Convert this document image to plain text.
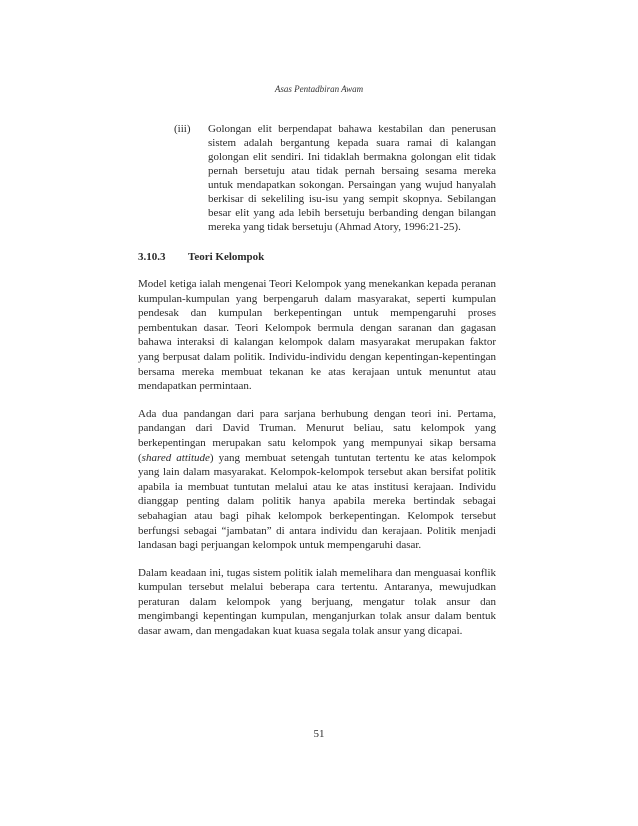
Asas Pentadbiran Awam
(iii)	Golongan elit berpendapat bahawa kestabilan dan penerusan sistem adalah bergantung kepada suara ramai di kalangan golongan elit sendiri. Ini tidaklah bermakna golongan elit tidak pernah bersetuju atau tidak pernah bersaing sesama mereka untuk mendapatkan sokongan. Persaingan yang wujud hanyalah berkisar di sekeliling isu-isu yang sempit skopnya. Sebilangan besar elit yang ada lebih bersetuju berbanding dengan bilangan mereka yang tidak bersetuju (Ahmad Atory, 1996:21-25).
3.10.3 Teori Kelompok

Model ketiga ialah mengenai Teori Kelompok yang menekankan kepada peranan kumpulan-kumpulan yang berpengaruh dalam masyarakat, seperti kumpulan pendesak dan kumpulan berkepentingan untuk mempengaruhi proses pembentukan dasar. Teori Kelompok bermula dengan saranan dan gagasan bahawa interaksi di kalangan kelompok dalam masyarakat merupakan faktor yang berpusat dalam politik. Individu-individu dengan kepentingan-kepentingan bersama mereka membuat tekanan ke atas kerajaan untuk menuntut atau mendapatkan permintaan.

Ada dua pandangan dari para sarjana berhubung dengan teori ini. Pertama, pandangan dari David Truman. Menurut beliau, satu kelompok yang berkepentingan merupakan satu kelompok yang mempunyai sikap bersama (shared attitude) yang membuat setengah tuntutan tertentu ke atas kelompok yang lain dalam masyarakat. Kelompok-kelompok tersebut akan bersifat politik apabila ia membuat tuntutan melalui atau ke atas institusi kerajaan. Individu dianggap penting dalam politik hanya apabila mereka bertindak sebagai sebahagian atau bagi pihak kelompok berkepentingan. Kelompok tersebut berfungsi sebagai “jambatan” di antara individu dan kerajaan. Politik menjadi landasan bagi perjuangan kelompok untuk mempengaruhi dasar.

Dalam keadaan ini, tugas sistem politik ialah memelihara dan menguasai konflik kumpulan tersebut melalui beberapa cara tertentu. Antaranya, mewujudkan peraturan dalam kelompok yang berjuang, mengatur tolak ansur dan mengimbangi kepentingan kumpulan, menganjurkan tolak ansur dalam bentuk dasar awam, dan mengadakan kuat kuasa segala tolak ansur yang dicapai.

51
